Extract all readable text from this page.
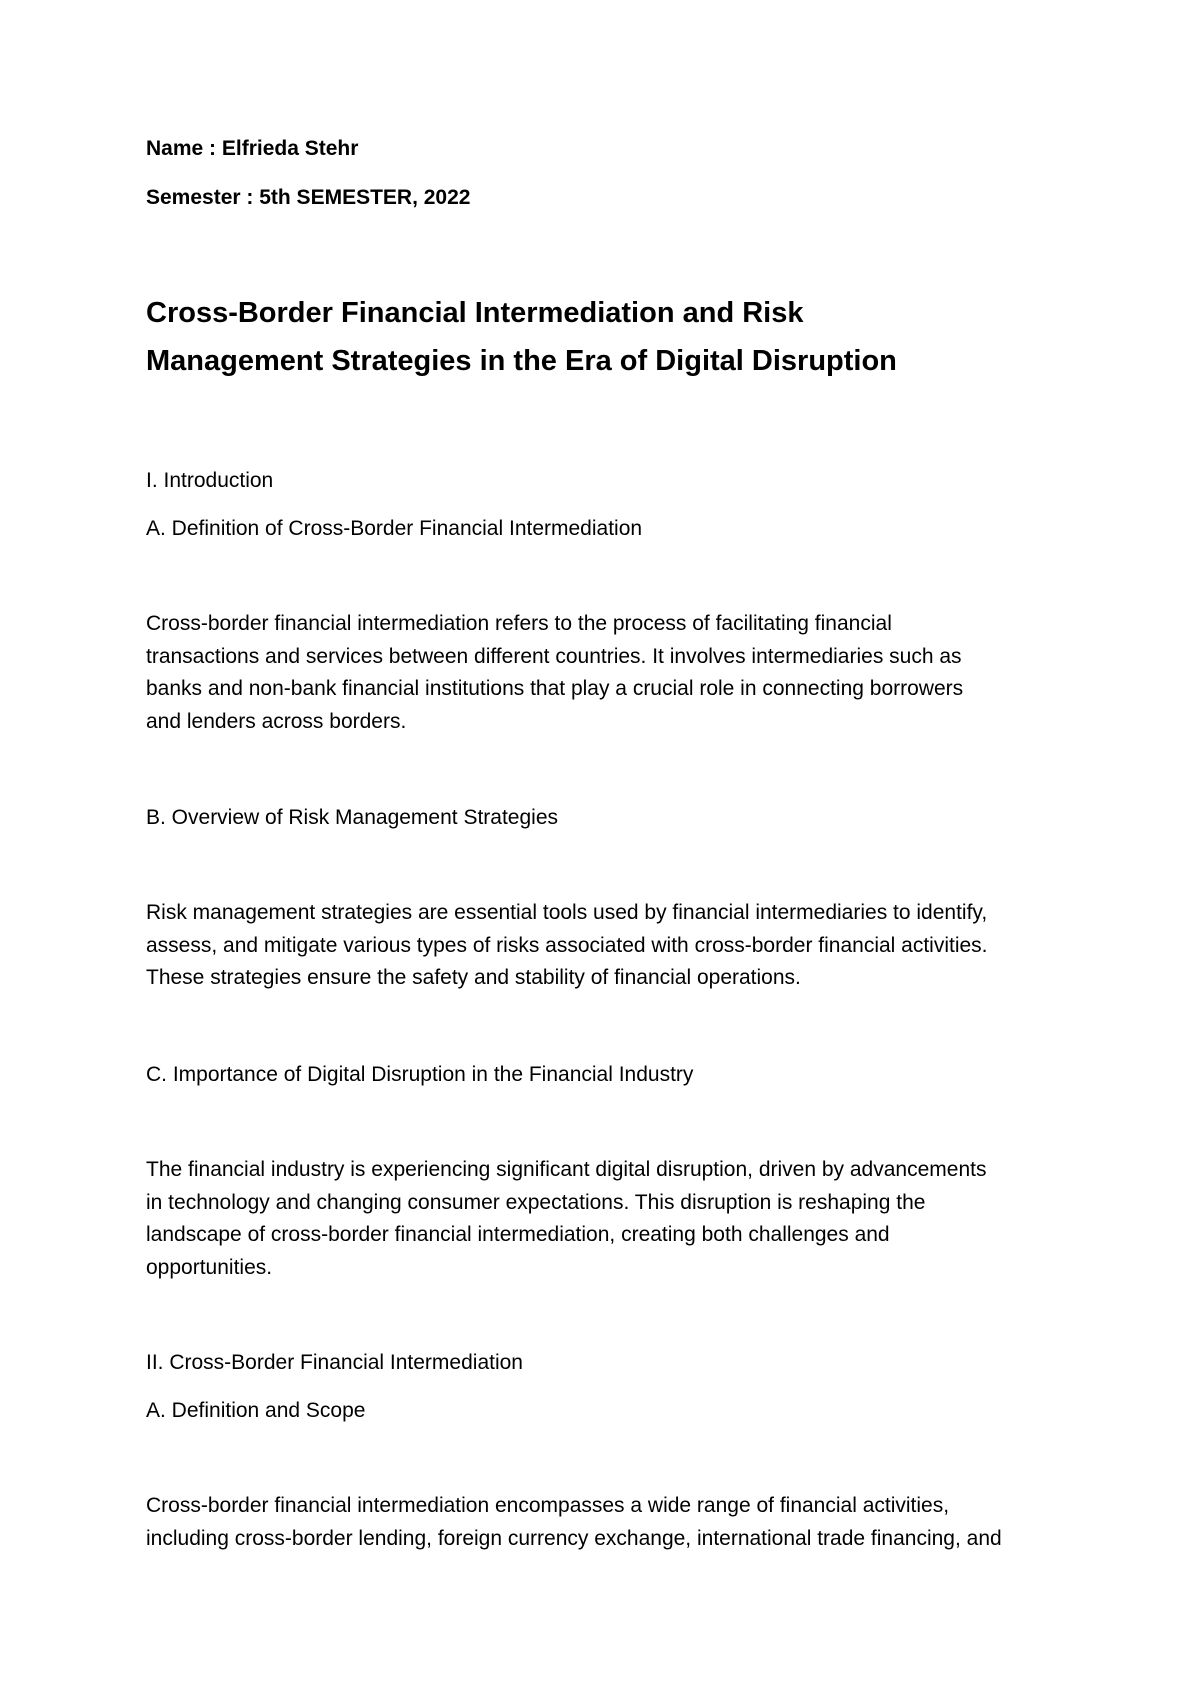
Name : Elfrieda Stehr

Semester : 5th SEMESTER, 2022

Cross-Border Financial Intermediation and Risk
Management Strategies in the Era of Digital Disruption

I. Introduction

A. Definition of Cross-Border Financial Intermediation

Cross-border financial intermediation refers to the process of facilitating financial
transactions and services between different countries. It involves intermediaries such as
banks and non-bank financial institutions that play a crucial role in connecting borrowers
and lenders across borders.

B. Overview of Risk Management Strategies

Risk management strategies are essential tools used by financial intermediaries to identify,
assess, and mitigate various types of risks associated with cross-border financial activities.
These strategies ensure the safety and stability of financial operations.

C. Importance of Digital Disruption in the Financial Industry

The financial industry is experiencing significant digital disruption, driven by advancements
in technology and changing consumer expectations. This disruption is reshaping the
landscape of cross-border financial intermediation, creating both challenges and
opportunities.

II. Cross-Border Financial Intermediation

A. Definition and Scope

Cross-border financial intermediation encompasses a wide range of financial activities,
including cross-border lending, foreign currency exchange, international trade financing, and
